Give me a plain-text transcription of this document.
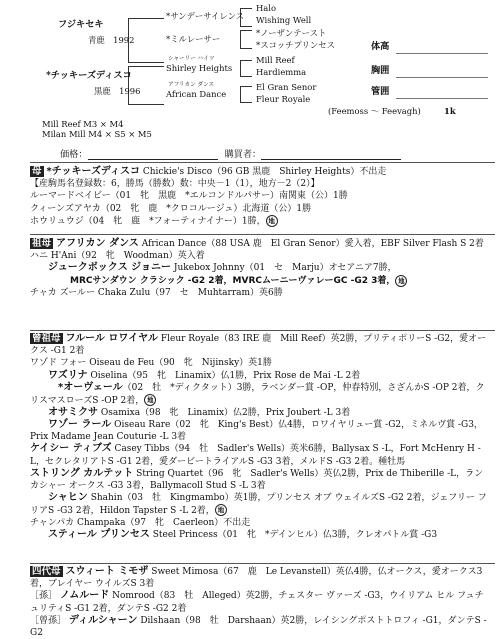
フジキセキ
青鹿　1992
*チッキーズディスコ
黒鹿　1996
*サンデーサイレンス
*ミルレーサー
シャーリー ハイツ
Shirley Heights
アフリカン ダンス
African Dance
Halo
Wishing Well
*ノーザンテースト
*スコッチプリンセス
Mill Reef
Hardiemma
El Gran Senor
Fleur Royale
体高
胸囲
管囲
(Feemoss ～ Feevagh)	1k
Mill Reef M3 × M4
Milan Mill M4 × S5 × M5
価格：	購買者：
母 *チッキーズディスコ Chickie's Disco（96 GB 黒鹿　Shirley Heights）不出走
【産駒馬名登録数：6，勝馬（勝数）数：中央－1（1），地方－2（2）】
ルーマードベイビー（01　牝　黒鹿　*エルコンドルパサー）南関東（公）1勝
クィーンズアヤカ（02　牝　鹿　*クロコルージュ）北海道（公）1勝
ホウリュウジ（04　牝　鹿　*フォーティナイナー）1勝， 地
祖母 アフリカン ダンス African Dance（88 USA 鹿　El Gran Senor）愛入着，EBF Silver Flash S 2着
ハニ H'Ani（92　牝　Woodman）英入着
ジュークボックス ジョニー Jukebox Johnny（01　セ　Marju）オセアニア7勝，
MRCサンダウン クラシック -G2 2着，MVRCムーニーヴァレーGC -G2 3着， 地
チャカ ズールー Chaka Zulu（97　セ　Muhtarram）英6勝
曾祖母 フルール ロワイヤル Fleur Royale（83 IRE 鹿　Mill Reef）英2勝，プリティポリーS -G2，愛オークス -G1 2着
ワゾド フォー Oiseau de Feu（90　牝　Nijinsky）英1勝
ワズリナ Oiselina（95　牝　Linamix）仏1勝，Prix Rose de Mai -L 2着
*オーヴェール（02　牡　*ディクタット）3勝，ラベンダー賞 -OP，仲春特別，さざんかS -OP 2着，クリスマスローズS -OP 2着， 地
オサミクサ Osamixa（98　牝　Linamix）仏2勝，Prix Joubert -L 3着
ワゾー ラール Oiseau Rare（02　牝　King's Best）仏4勝，ロワイヤリュー賞 -G2，ミネルヴ賞 -G3，Prix Madame Jean Couturie -L 3着
ケイシー ティブズ Casey Tibbs（94　牡　Sadler's Wells）英米6勝，Ballysax S -L，Fort McHenry H -L，セクレタリアトS -G1 2着，愛ダービートライアルS -G3 3着，メルドS -G3 2着。種牡馬
ストリング カルテット String Quartet（96　牝　Sadler's Wells）英仏2勝，Prix de Thiberille -L，ランカシャー オークス -G3 3着，Ballymacoll Stud S -L 3着
シャヒン Shahin（03　牡　Kingmambo）英1勝，プリンセス オブ ウェイルズS -G2 2着，ジェフリー フリアS -G3 2着，Hildon Tapster S -L 2着， 地
チャンパカ Champaka（97　牝　Caerleon）不出走
スティール プリンセス Steel Princess（01　牝　*デインヒル）仏3勝，クレオパトル賞 -G3
四代母 スウィート ミモザ Sweet Mimosa（67　鹿　Le Levanstell）英仏4勝，仏オークス，愛オークス3着，ブレイヤー ウイルズS 3着
［孫］ ノムルード Nomrood（83　牡　Alleged）英2勝，チェスター ヴァーズ -G3，ウイリアム ヒル フュチュリティS -G1 2着，ダンテS -G2 2着
［曾孫］ ディルシャーン Dilshaan（98　牡　Darshaan）英2勝，レイシングポストトロフィ -G1，ダンテS -G2
